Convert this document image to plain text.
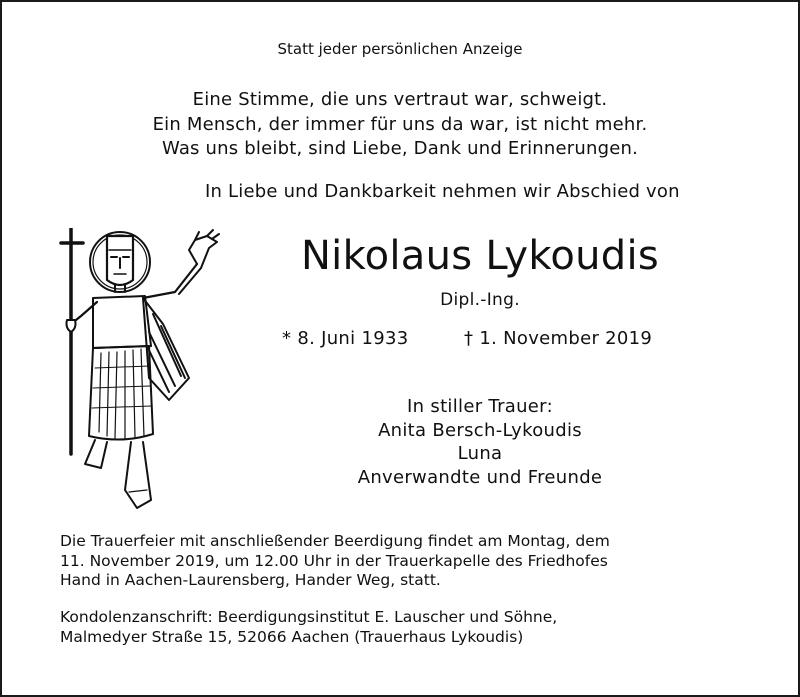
Statt jeder persönlichen Anzeige
Eine Stimme, die uns vertraut war, schweigt.
Ein Mensch, der immer für uns da war, ist nicht mehr.
Was uns bleibt, sind Liebe, Dank und Erinnerungen.
In Liebe und Dankbarkeit nehmen wir Abschied von
Nikolaus Lykoudis
Dipl.-Ing.
* 8. Juni 1933	† 1. November 2019
In stiller Trauer:
Anita Bersch-Lykoudis
Luna
Anverwandte und Freunde
Die Trauerfeier mit anschließender Beerdigung findet am Montag, dem
11. November 2019, um 12.00 Uhr in der Trauerkapelle des Friedhofes
Hand in Aachen-Laurensberg, Hander Weg, statt.
Kondolenzanschrift: Beerdigungsinstitut E. Lauscher und Söhne,
Malmedyer Straße 15, 52066 Aachen (Trauerhaus Lykoudis)
